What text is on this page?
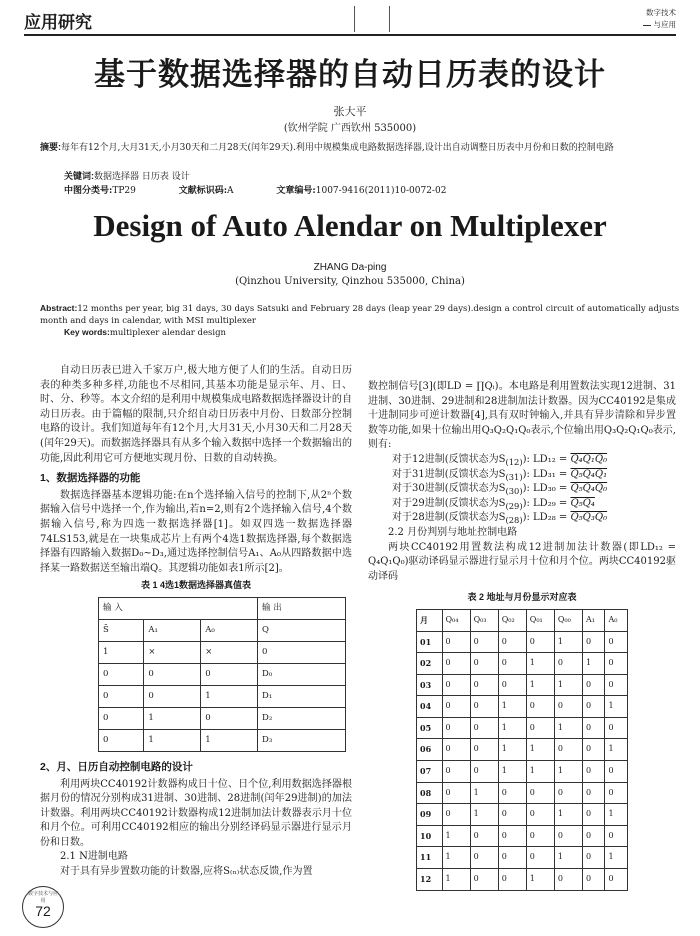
应用研究
数字技术
与应用
基于数据选择器的自动日历表的设计
张大平
(钦州学院 广西钦州 535000)
摘要:每年有12个月,大月31天,小月30天和二月28天(闰年29天).利用中规模集成电路数据选择器,设计出自动调整日历表中月份和日数的控制电路
关键词:数据选择器 日历表 设计
中图分类号:TP29	文献标识码:A	文章编号:1007-9416(2011)10-0072-02
Design of Auto Alendar on Multiplexer
ZHANG Da-ping
(Qinzhou University, Qinzhou 535000, China)
Abstract:12 months per year, big 31 days, 30 days Satsuki and February 28 days (leap year 29 days).design a control circuit of automatically adjusts month and days in calendar, with MSI multiplexer
Key words:multiplexer alendar design

自动日历表已进入千家万户,极大地方便了人们的生活。自动日历表的种类多种多样,功能也不尽相同,其基本功能是显示年、月、日、时、分、秒等。本文介绍的是利用中规模集成电路数据选择器设计的自动日历表。由于篇幅的限制,只介绍自动日历表中月份、日数部分控制电路的设计。我们知道每年有12个月,大月31天,小月30天和二月28天(闰年29天)。而数据选择器具有从多个输入数据中选择一个数据输出的功能,因此利用它可方便地实现月份、日数的自动转换。

1、数据选择器的功能

数据选择器基本逻辑功能:在n个选择输入信号的控制下,从2ⁿ个数据输入信号中选择一个,作为输出,若n=2,则有2个选择输入信号,4个数据输入信号,称为四选一数据选择器[1]。如双四选一数据选择器74LS153,就是在一块集成芯片上有两个4选1数据选择器,每个数据选择器有四路输入数据D₀~D₃,通过选择控制信号A₁、A₀从四路数据中选择某一路数据送至输出端Q。其逻辑功能如表1所示[2]。

表 1 4选1数据选择器真值表
输 入			输 出
S̄	A₁	A₀	Q
1	×	×	0
0	0	0	D₀
0	0	1	D₁
0	1	0	D₂
0	1	1	D₃
2、月、日历自动控制电路的设计

利用两块CC40192计数器构成日十位、日个位,利用数据选择器根据月份的情况分别构成31进制、30进制、28进制(闰年29进制)的加法计数器。利用两块CC40192计数器构成12进制加法计数器表示月十位和月个位。可利用CC40192相应的输出分别经译码显示器进行显示月份和日数。

2.1 N进制电路

对于具有异步置数功能的计数器,应将S₍ₙ₎状态反馈,作为置

数控制信号[3](即LD = ∏Qᵢ)。本电路是利用置数法实现12进制、31进制、30进制、29进制和28进制加法计数器。因为CC40192是集成十进制同步可逆计数器[4],具有双时钟输入,并具有异步清除和异步置数等功能,如果十位输出用Q₃Q₂Q₁Q₀表示,个位输出用Q₃Q₂Q₁Q₀表示,则有:

对于12进制(反馈状态为$S_{(12)}$): LD₁₂ = Q₄Q₁Q₀
对于31进制(反馈状态为$S_{(31)}$): LD₃₁ = Q₅Q₄Q₁
对于30进制(反馈状态为$S_{(30)}$): LD₃₀ = Q₅Q₄Q₀
对于29进制(反馈状态为$S_{(29)}$): LD₂₉ = Q₅Q₄
对于28进制(反馈状态为$S_{(28)}$): LD₂₈ = Q₅Q₃Q₀
2.2 月份判别与地址控制电路

两块CC40192用置数法构成12进制加法计数器(即LD₁₂ = Q₄Q₁Q₀)驱动译码显示器进行显示月十位和月个位。两块CC40192驱动译码

表 2 地址与月份显示对应表
月	Q₀₄	Q₀₃	Q₀₂	Q₀₁	Q₀₀	A₁	A₀
01	0	0	0	0	1	0	0
02	0	0	0	1	0	1	0
03	0	0	0	1	1	0	0
04	0	0	1	0	0	0	1
05	0	0	1	0	1	0	0
06	0	0	1	1	0	0	1
07	0	0	1	1	1	0	0
08	0	1	0	0	0	0	0
09	0	1	0	0	1	0	1
10	1	0	0	0	0	0	0
11	1	0	0	0	1	0	1
12	1	0	0	1	0	0	0
数字技术与应用
72
